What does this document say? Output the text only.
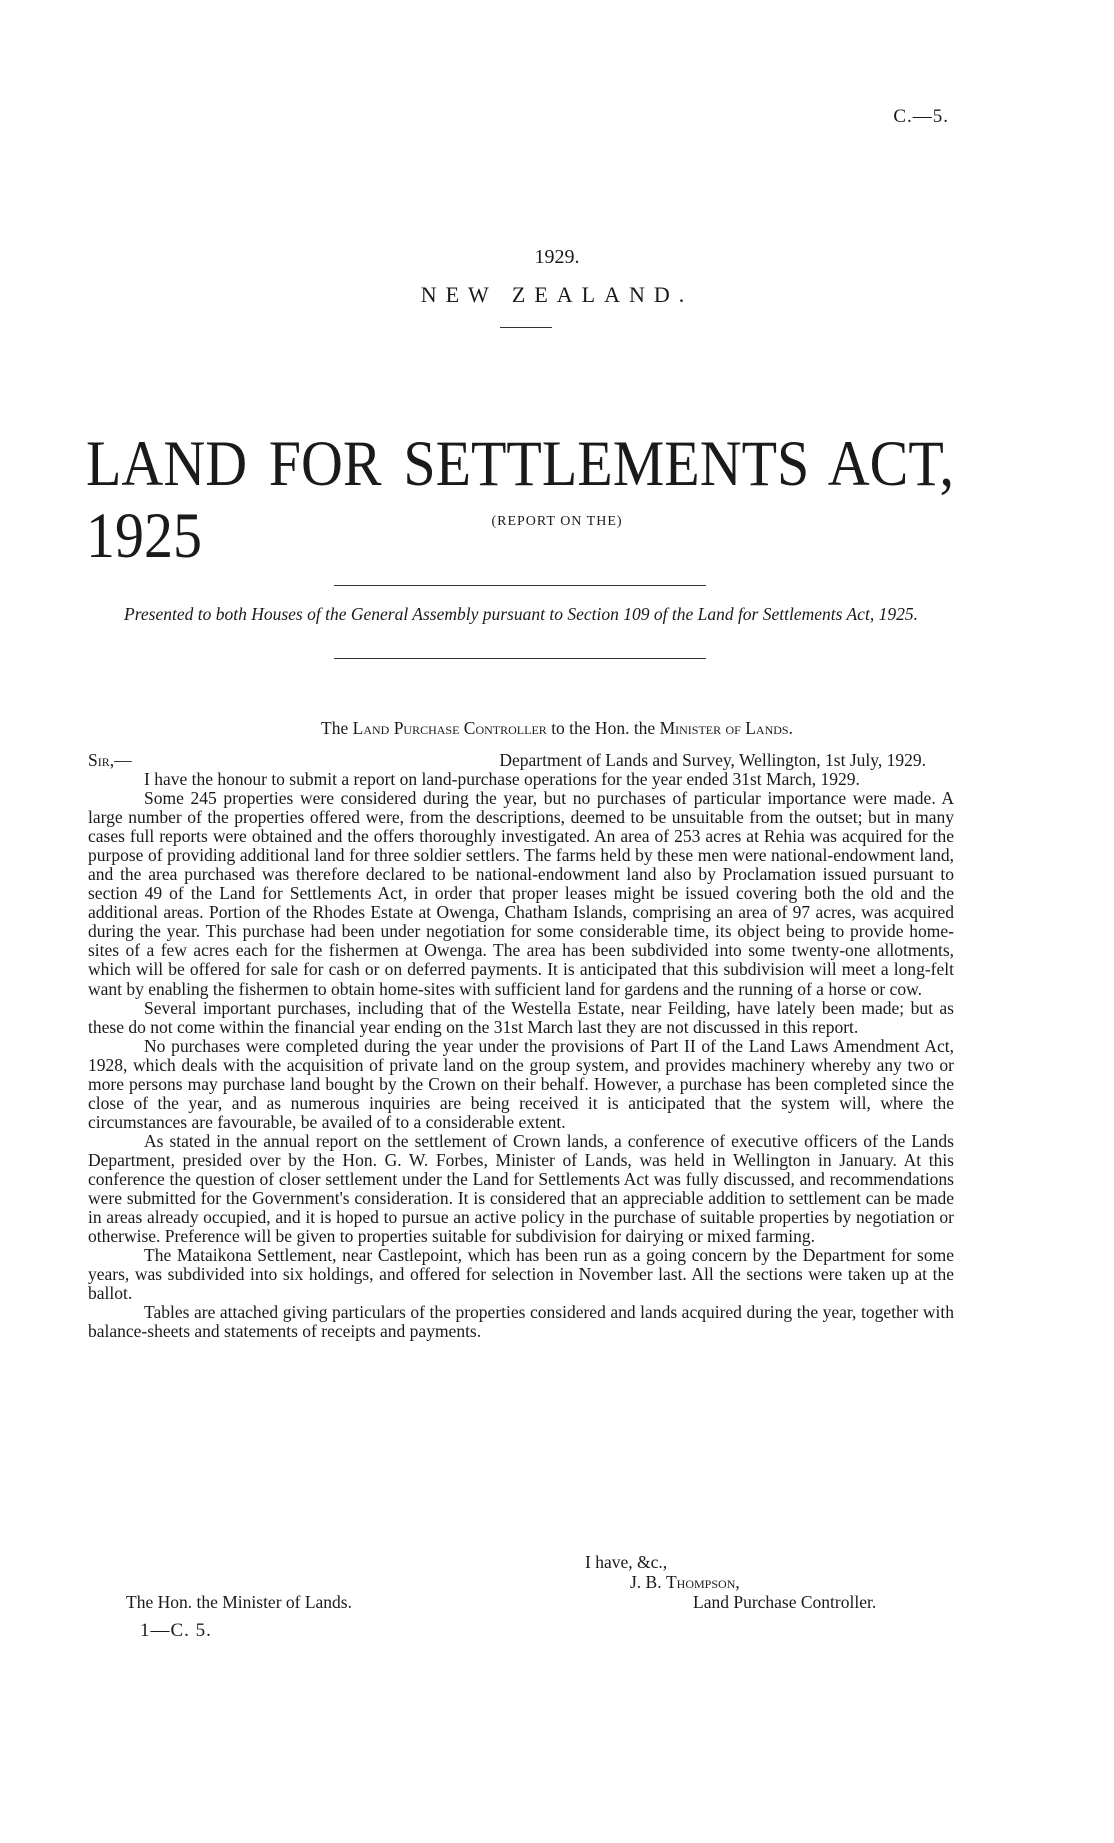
C.—5.
1929.
NEW ZEALAND.
LAND FOR SETTLEMENTS ACT, 1925	(REPORT ON THE)
Presented to both Houses of the General Assembly pursuant to Section 109 of the Land for Settlements Act, 1925.
The Land Purchase Controller to the Hon. the Minister of Lands.
Sir,—	Department of Lands and Survey, Wellington, 1st July, 1929.

I have the honour to submit a report on land-purchase operations for the year ended 31st March, 1929.

Some 245 properties were considered during the year, but no purchases of particular importance were made. A large number of the properties offered were, from the descriptions, deemed to be unsuitable from the outset; but in many cases full reports were obtained and the offers thoroughly investigated. An area of 253 acres at Rehia was acquired for the purpose of providing additional land for three soldier settlers. The farms held by these men were national-endowment land, and the area purchased was therefore declared to be national-endowment land also by Proclamation issued pursuant to section 49 of the Land for Settlements Act, in order that proper leases might be issued covering both the old and the additional areas. Portion of the Rhodes Estate at Owenga, Chatham Islands, comprising an area of 97 acres, was acquired during the year. This purchase had been under negotiation for some considerable time, its object being to provide home-sites of a few acres each for the fishermen at Owenga. The area has been subdivided into some twenty-one allotments, which will be offered for sale for cash or on deferred payments. It is anticipated that this subdivision will meet a long-felt want by enabling the fishermen to obtain home-sites with sufficient land for gardens and the running of a horse or cow.

Several important purchases, including that of the Westella Estate, near Feilding, have lately been made; but as these do not come within the financial year ending on the 31st March last they are not discussed in this report.

No purchases were completed during the year under the provisions of Part II of the Land Laws Amendment Act, 1928, which deals with the acquisition of private land on the group system, and provides machinery whereby any two or more persons may purchase land bought by the Crown on their behalf. However, a purchase has been completed since the close of the year, and as numerous inquiries are being received it is anticipated that the system will, where the circumstances are favourable, be availed of to a considerable extent.

As stated in the annual report on the settlement of Crown lands, a conference of executive officers of the Lands Department, presided over by the Hon. G. W. Forbes, Minister of Lands, was held in Wellington in January. At this conference the question of closer settlement under the Land for Settlements Act was fully discussed, and recommendations were submitted for the Government's consideration. It is considered that an appreciable addition to settlement can be made in areas already occupied, and it is hoped to pursue an active policy in the purchase of suitable properties by negotiation or otherwise. Preference will be given to properties suitable for subdivision for dairying or mixed farming.

The Mataikona Settlement, near Castlepoint, which has been run as a going concern by the Department for some years, was subdivided into six holdings, and offered for selection in November last. All the sections were taken up at the ballot.

Tables are attached giving particulars of the properties considered and lands acquired during the year, together with balance-sheets and statements of receipts and payments.

I have, &c.,
J. B. Thompson,
The Hon. the Minister of Lands.	Land Purchase Controller.
1—C. 5.
